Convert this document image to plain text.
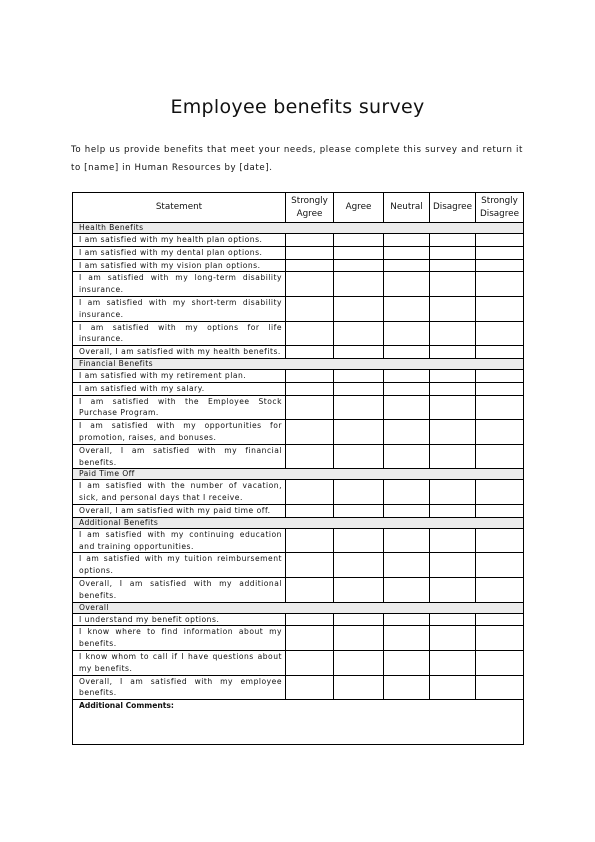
Employee benefits survey
To help us provide benefits that meet your needs, please complete this survey and return it
to [name] in Human Resources by [date].
Statement	Strongly Agree	Agree	Neutral	Disagree	Strongly Disagree
Health Benefits					
I am satisfied with my health plan options.					
I am satisfied with my dental plan options.					
I am satisfied with my vision plan options.					
I am satisfied with my long-term disability insurance.					
I am satisfied with my short-term disability insurance.					
I am satisfied with my options for life insurance.					
Overall, I am satisfied with my health benefits.					
Financial Benefits					
I am satisfied with my retirement plan.					
I am satisfied with my salary.					
I am satisfied with the Employee Stock Purchase Program.					
I am satisfied with my opportunities for promotion, raises, and bonuses.					
Overall, I am satisfied with my financial benefits.					
Paid Time Off					
I am satisfied with the number of vacation, sick, and personal days that I receive.					
Overall, I am satisfied with my paid time off.					
Additional Benefits					
I am satisfied with my continuing education and training opportunities.					
I am satisfied with my tuition reimbursement options.					
Overall, I am satisfied with my additional benefits.					
Overall					
I understand my benefit options.					
I know where to find information about my benefits.					
I know whom to call if I have questions about my benefits.					
Overall, I am satisfied with my employee benefits.					
Additional Comments:					
